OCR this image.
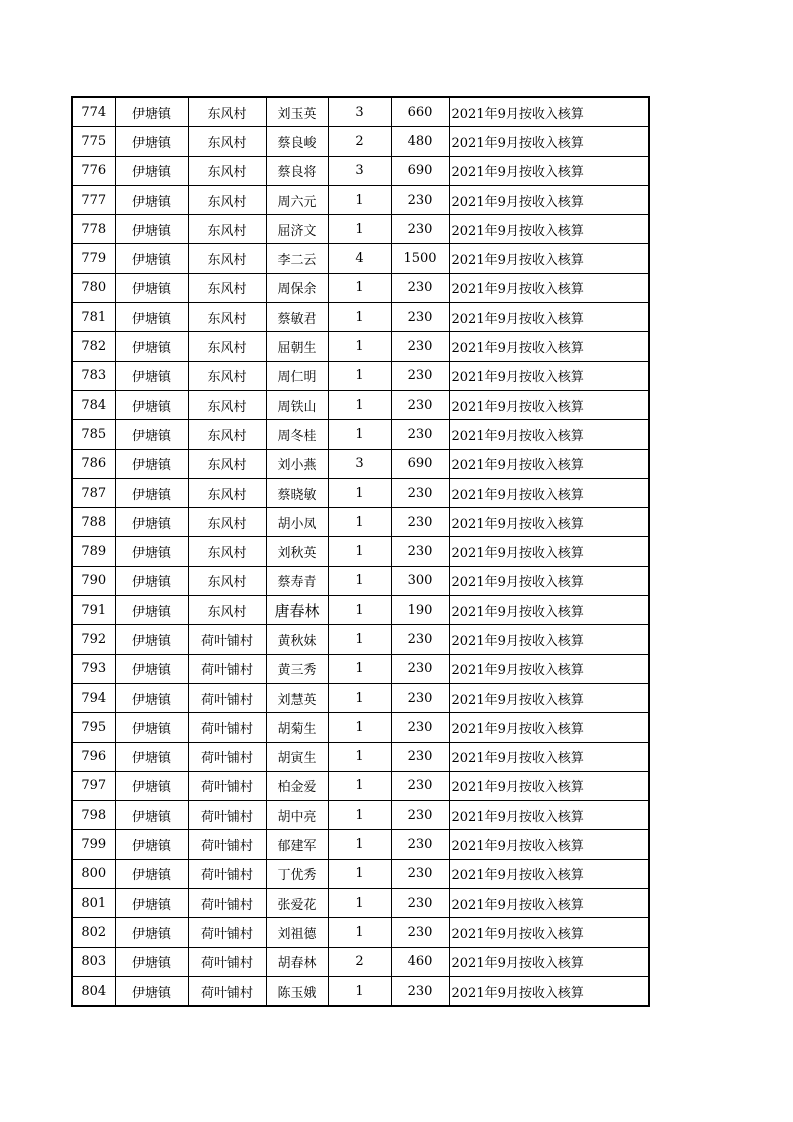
774	伊塘镇	东风村	刘玉英	3	660	2021年9月按收入核算
775	伊塘镇	东风村	蔡良峻	2	480	2021年9月按收入核算
776	伊塘镇	东风村	蔡良将	3	690	2021年9月按收入核算
777	伊塘镇	东风村	周六元	1	230	2021年9月按收入核算
778	伊塘镇	东风村	屈济文	1	230	2021年9月按收入核算
779	伊塘镇	东风村	李二云	4	1500	2021年9月按收入核算
780	伊塘镇	东风村	周保余	1	230	2021年9月按收入核算
781	伊塘镇	东风村	蔡敏君	1	230	2021年9月按收入核算
782	伊塘镇	东风村	屈朝生	1	230	2021年9月按收入核算
783	伊塘镇	东风村	周仁明	1	230	2021年9月按收入核算
784	伊塘镇	东风村	周铁山	1	230	2021年9月按收入核算
785	伊塘镇	东风村	周冬桂	1	230	2021年9月按收入核算
786	伊塘镇	东风村	刘小燕	3	690	2021年9月按收入核算
787	伊塘镇	东风村	蔡晓敏	1	230	2021年9月按收入核算
788	伊塘镇	东风村	胡小凤	1	230	2021年9月按收入核算
789	伊塘镇	东风村	刘秋英	1	230	2021年9月按收入核算
790	伊塘镇	东风村	蔡寿青	1	300	2021年9月按收入核算
791	伊塘镇	东风村	唐春林	1	190	2021年9月按收入核算
792	伊塘镇	荷叶铺村	黄秋妹	1	230	2021年9月按收入核算
793	伊塘镇	荷叶铺村	黄三秀	1	230	2021年9月按收入核算
794	伊塘镇	荷叶铺村	刘慧英	1	230	2021年9月按收入核算
795	伊塘镇	荷叶铺村	胡菊生	1	230	2021年9月按收入核算
796	伊塘镇	荷叶铺村	胡寅生	1	230	2021年9月按收入核算
797	伊塘镇	荷叶铺村	柏金爱	1	230	2021年9月按收入核算
798	伊塘镇	荷叶铺村	胡中亮	1	230	2021年9月按收入核算
799	伊塘镇	荷叶铺村	郁建军	1	230	2021年9月按收入核算
800	伊塘镇	荷叶铺村	丁优秀	1	230	2021年9月按收入核算
801	伊塘镇	荷叶铺村	张爱花	1	230	2021年9月按收入核算
802	伊塘镇	荷叶铺村	刘祖德	1	230	2021年9月按收入核算
803	伊塘镇	荷叶铺村	胡春林	2	460	2021年9月按收入核算
804	伊塘镇	荷叶铺村	陈玉娥	1	230	2021年9月按收入核算
